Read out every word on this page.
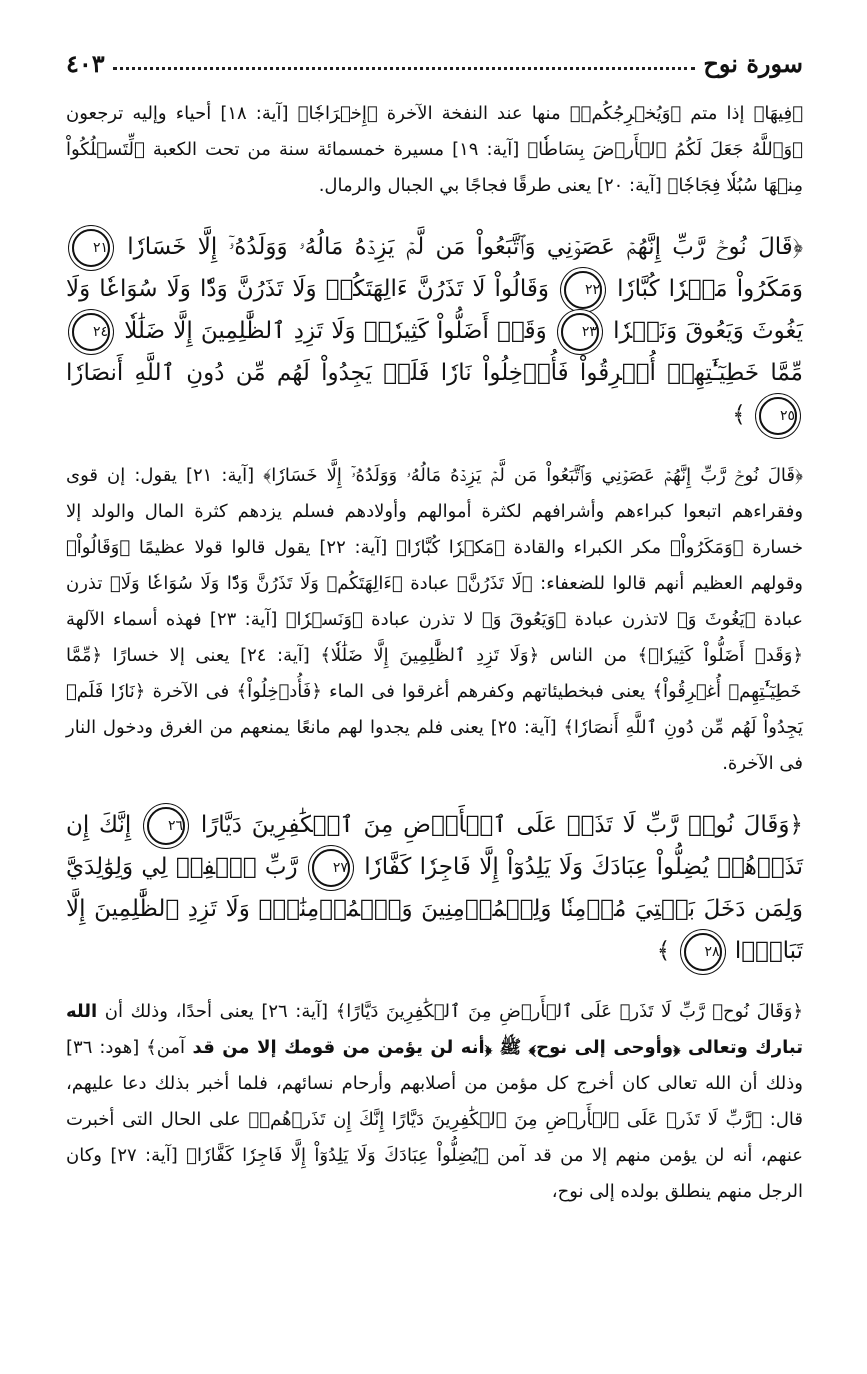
سورة نوح
٤٠٣

﴿فِيهَا﴾ إذا متم ﴿وَيُخۡرِجُكُمۡ﴾ منها عند النفخة الآخرة ﴿إِخۡرَاجٗا﴾ [آية: ١٨] أحياء وإليه ترجعون ﴿وَٱللَّهُ جَعَلَ لَكُمُ ٱلۡأَرۡضَ بِسَاطٗا﴾ [آية: ١٩] مسيرة خمسمائة سنة من تحت الكعبة ﴿لِّتَسۡلُكُواْ مِنۡهَا سُبُلٗا فِجَاجٗا﴾ [آية: ٢٠] يعنى طرقًا فجاجًا بي الجبال والرمال.

﴿قَالَ نُوحٞ رَّبِّ إِنَّهُمۡ عَصَوۡنِي وَٱتَّبَعُواْ مَن لَّمۡ يَزِدۡهُ مَالُهُۥ وَوَلَدُهُۥٓ إِلَّا خَسَارٗا ٢١ وَمَكَرُواْ مَكۡرٗا كُبَّارٗا ٢٢ وَقَالُواْ لَا تَذَرُنَّ ءَالِهَتَكُمۡ وَلَا تَذَرُنَّ وَدّٗا وَلَا سُوَاعٗا وَلَا يَغُوثَ وَيَعُوقَ وَنَسۡرٗا ٢٣ وَقَدۡ أَضَلُّواْ كَثِيرٗاۖ وَلَا تَزِدِ ٱلظَّٰلِمِينَ إِلَّا ضَلَٰلٗا ٢٤ مِّمَّا خَطِيٓـَٰٔتِهِمۡ أُغۡرِقُواْ فَأُدۡخِلُواْ نَارٗا فَلَمۡ يَجِدُواْ لَهُم مِّن دُونِ ٱللَّهِ أَنصَارٗا ٢٥ ﴾

﴿قَالَ نُوحٞ رَّبِّ إِنَّهُمۡ عَصَوۡنِي وَٱتَّبَعُواْ مَن لَّمۡ يَزِدۡهُ مَالُهُۥ وَوَلَدُهُۥٓ إِلَّا خَسَارٗا﴾ [آية: ٢١] يقول: إن قوى وفقراءهم اتبعوا كبراءهم وأشرافهم لكثرة أموالهم وأولادهم فسلم يزدهم كثرة المال والولد إلا خسارة ﴿وَمَكَرُواْ﴾ مكر الكبراء والقادة ﴿مَكۡرٗا كُبَّارٗا﴾ [آية: ٢٢] يقول قالوا قولا عظيمًا ﴿وَقَالُواْ﴾ وقولهم العظيم أنهم قالوا للضعفاء: ﴿لَا تَذَرُنَّ﴾ عبادة ﴿ءَالِهَتَكُمۡ وَلَا تَذَرُنَّ وَدّٗا وَلَا سُوَاعٗا وَلَا﴾ تذرن عبادة ﴿يَغُوثَ وَ﴾ لاتذرن عبادة ﴿وَيَعُوقَ وَ﴾ لا تذرن عبادة ﴿وَنَسۡرٗا﴾ [آية: ٢٣] فهذه أسماء الآلهة ﴿وَقَدۡ أَضَلُّواْ كَثِيرٗاۖ﴾ من الناس ﴿وَلَا تَزِدِ ٱلظَّٰلِمِينَ إِلَّا ضَلَٰلٗا﴾ [آية: ٢٤] يعنى إلا خسارًا ﴿مِّمَّا خَطِيٓـَٰٔتِهِمۡ أُغۡرِقُواْ﴾ يعنى فبخطيئاتهم وكفرهم أغرقوا فى الماء ﴿فَأُدۡخِلُواْ﴾ فى الآخرة ﴿نَارٗا فَلَمۡ يَجِدُواْ لَهُم مِّن دُونِ ٱللَّهِ أَنصَارٗا﴾ [آية: ٢٥] يعنى فلم يجدوا لهم مانعًا يمنعهم من الغرق ودخول النار فى الآخرة.

﴿وَقَالَ نُوحٞ رَّبِّ لَا تَذَرۡ عَلَى ٱلۡأَرۡضِ مِنَ ٱلۡكَٰفِرِينَ دَيَّارًا ٢٦ إِنَّكَ إِن تَذَرۡهُمۡ يُضِلُّواْ عِبَادَكَ وَلَا يَلِدُوٓاْ إِلَّا فَاجِرٗا كَفَّارٗا ٢٧ رَّبِّ ٱغۡفِرۡ لِي وَلِوَٰلِدَيَّ وَلِمَن دَخَلَ بَيۡتِيَ مُؤۡمِنٗا وَلِلۡمُؤۡمِنِينَ وَٱلۡمُؤۡمِنَٰتِۖ وَلَا تَزِدِ ٱلظَّٰلِمِينَ إِلَّا تَبَارَۢا ٢٨ ﴾

﴿وَقَالَ نُوحٞ رَّبِّ لَا تَذَرۡ عَلَى ٱلۡأَرۡضِ مِنَ ٱلۡكَٰفِرِينَ دَيَّارًا﴾ [آية: ٢٦] يعنى أحدًا، وذلك أن الله تبارك وتعالى ﴿وأوحى إلى نوح﴾ ﷺ ﴿أنه لن يؤمن من قومك إلا من قد آمن﴾ [هود: ٣٦] وذلك أن الله تعالى كان أخرج كل مؤمن من أصلابهم وأرحام نسائهم، فلما أخبر بذلك دعا عليهم، قال: ﴿رَّبِّ لَا تَذَرۡ عَلَى ٱلۡأَرۡضِ مِنَ ٱلۡكَٰفِرِينَ دَيَّارًا إِنَّكَ إِن تَذَرۡهُمۡ﴾ على الحال التى أخبرت عنهم، أنه لن يؤمن منهم إلا من قد آمن ﴿يُضِلُّواْ عِبَادَكَ وَلَا يَلِدُوٓاْ إِلَّا فَاجِرٗا كَفَّارٗا﴾ [آية: ٢٧] وكان الرجل منهم ينطلق بولده إلى نوح،
